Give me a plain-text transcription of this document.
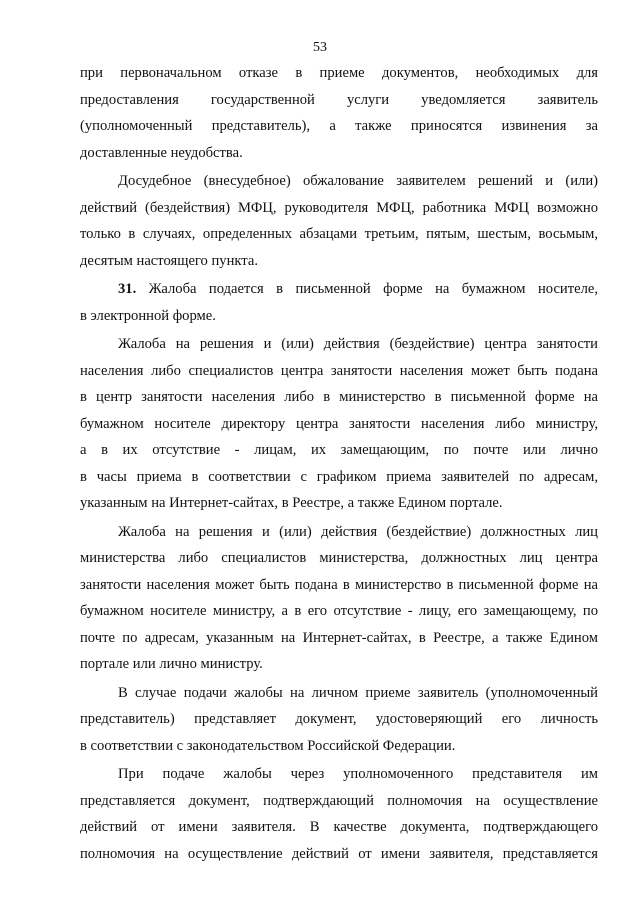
53
при первоначальном отказе в приеме документов, необходимых для
предоставления государственной услуги уведомляется заявитель
(уполномоченный представитель), а также приносятся извинения за
доставленные неудобства.
Досудебное (внесудебное) обжалование заявителем решений и (или)
действий (бездействия) МФЦ, руководителя МФЦ, работника МФЦ возможно
только в случаях, определенных абзацами третьим, пятым, шестым, восьмым,
десятым настоящего пункта.
31. Жалоба подается в письменной форме на бумажном носителе,
в электронной форме.
Жалоба на решения и (или) действия (бездействие) центра занятости
населения либо специалистов центра занятости населения может быть подана
в центр занятости населения либо в министерство в письменной форме на
бумажном носителе директору центра занятости населения либо министру,
а в их отсутствие - лицам, их замещающим, по почте или лично
в часы приема в соответствии с графиком приема заявителей по адресам,
указанным на Интернет-сайтах, в Реестре, а также Едином портале.
Жалоба на решения и (или) действия (бездействие) должностных лиц
министерства либо специалистов министерства, должностных лиц центра
занятости населения может быть подана в министерство в письменной форме на
бумажном носителе министру, а в его отсутствие - лицу, его замещающему, по
почте по адресам, указанным на Интернет-сайтах, в Реестре, а также Едином
портале или лично министру.
В случае подачи жалобы на личном приеме заявитель (уполномоченный
представитель) представляет документ, удостоверяющий его личность
в соответствии с законодательством Российской Федерации.
При подаче жалобы через уполномоченного представителя им
представляется документ, подтверждающий полномочия на осуществление
действий от имени заявителя. В качестве документа, подтверждающего
полномочия на осуществление действий от имени заявителя, представляется
